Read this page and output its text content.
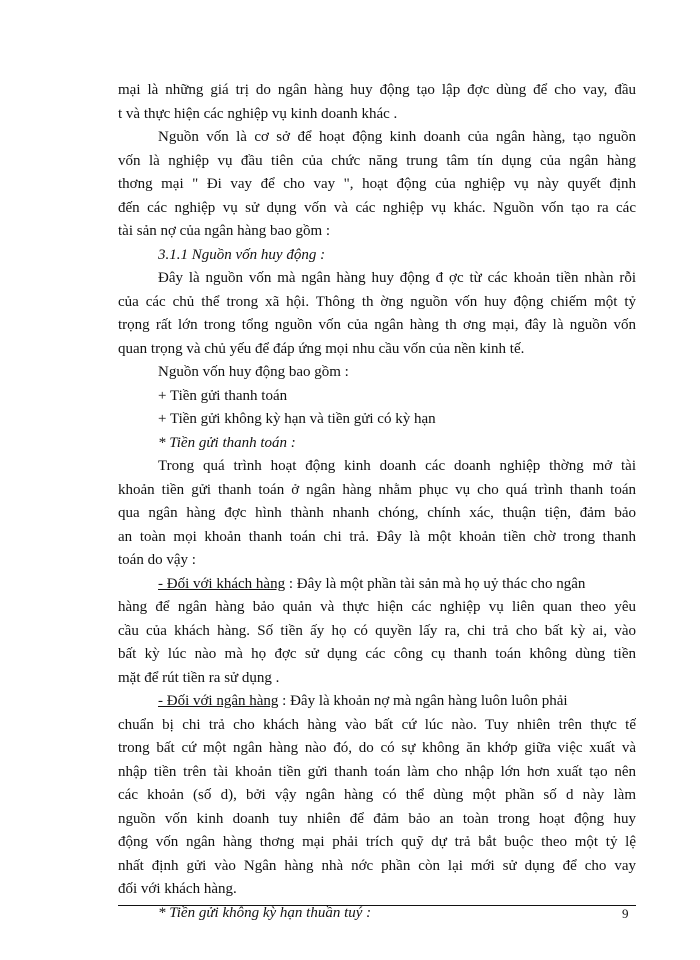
mại là những giá trị do ngân hàng huy động tạo lập đợc dùng để cho vay, đầu
t và thực hiện các nghiệp vụ kinh doanh khác .

Nguồn vốn là cơ sở để hoạt động kinh doanh của ngân hàng, tạo nguồn
vốn là nghiệp vụ đầu tiên của chức năng trung tâm tín dụng của ngân hàng
thơng mại " Đi vay để cho vay ", hoạt động của nghiệp vụ này quyết định
đến các nghiệp vụ sử dụng vốn và các nghiệp vụ khác. Nguồn vốn tạo ra các
tài sản nợ của ngân hàng bao gồm :

3.1.1 Nguồn vốn huy động :

Đây là nguồn vốn mà ngân hàng huy động đ ợc từ các khoản tiền nhàn rỗi
của các chủ thể trong xã hội. Thông th ờng nguồn vốn huy động chiếm một tỷ
trọng rất lớn trong tổng nguồn vốn của ngân hàng th ơng mại, đây là nguồn vốn
quan trọng và chủ yếu để đáp ứng mọi nhu cầu vốn của nền kinh tế.

Nguồn vốn huy động bao gồm :
+ Tiền gửi thanh toán
+ Tiền gửi không kỳ hạn và tiền gửi có kỳ hạn
* Tiền gửi thanh toán :

Trong quá trình hoạt động kinh doanh các doanh nghiệp thờng mở tài
khoản tiền gửi thanh toán ở ngân hàng nhằm phục vụ cho quá trình thanh toán
qua ngân hàng đợc hình thành nhanh chóng, chính xác, thuận tiện, đảm bảo
an toàn mọi khoản thanh toán chi trả. Đây là một khoản tiền chờ trong thanh
toán do vậy :

- Đối với khách hàng : Đây là một phần tài sản mà họ uỷ thác cho ngân
hàng để ngân hàng bảo quản và thực hiện các nghiệp vụ liên quan theo yêu
cầu của khách hàng. Số tiền ấy họ có quyền lấy ra, chi trả cho bất kỳ ai, vào
bất kỳ lúc nào mà họ đợc sử dụng các công cụ thanh toán không dùng tiền
mặt để rút tiền ra sử dụng .

- Đối với ngân hàng : Đây là khoản nợ mà ngân hàng luôn luôn phải
chuẩn bị chi trả cho khách hàng vào bất cứ lúc nào. Tuy nhiên trên thực tế
trong bất cứ một ngân hàng nào đó, do có sự không ăn khớp giữa việc xuất và
nhập tiền trên tài khoản tiền gửi thanh toán làm cho nhập lớn hơn xuất tạo nên
các khoản (số d), bởi vậy ngân hàng có thể dùng một phần số d này làm
nguồn vốn kinh doanh tuy nhiên để đảm bảo an toàn trong hoạt động huy
động vốn ngân hàng thơng mại phải trích quỹ dự trả bắt buộc theo một tỷ lệ
nhất định gửi vào Ngân hàng nhà nớc phần còn lại mới sử dụng để cho vay
đối với khách hàng.

* Tiền gửi không kỳ hạn thuần tuý :	9
